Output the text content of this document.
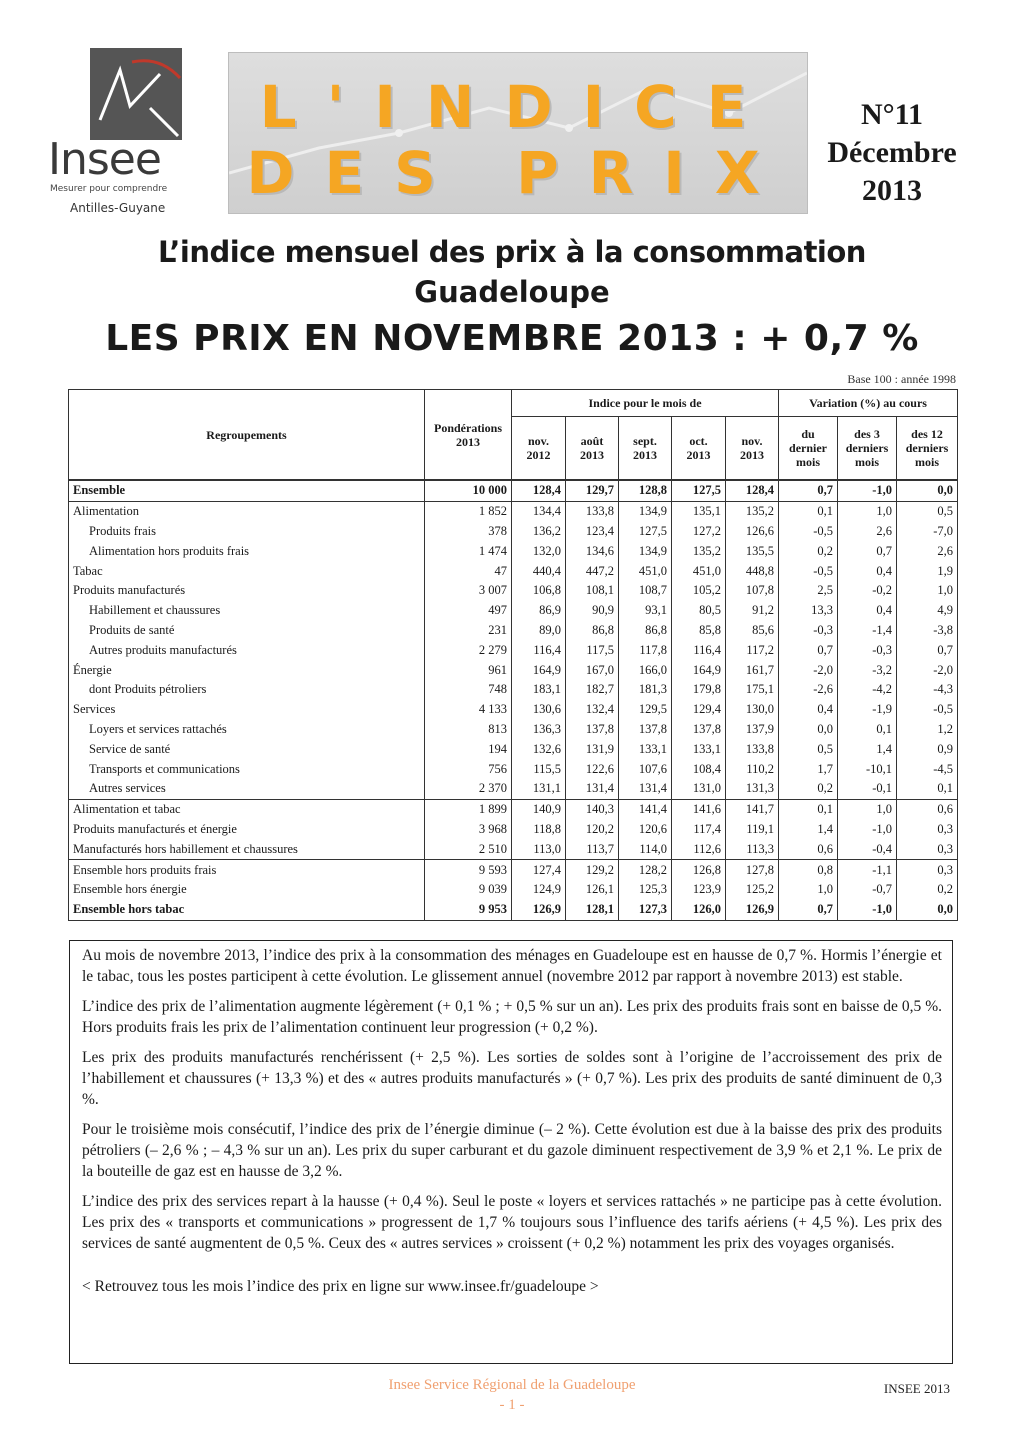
Insee
Mesurer pour comprendre
Antilles-Guyane
L'INDICE
DES PRIX
N°11
Décembre
2013
L’indice mensuel des prix à la consommation
Guadeloupe
LES PRIX EN NOVEMBRE 2013 : + 0,7 %
Base 100 : année 1998
Regroupements	Pondérations 2013	Indice pour le mois de					Variation (%) au cours		
		nov. 2012	août 2013	sept. 2013	oct. 2013	nov. 2013	du dernier mois	des 3 derniers mois	des 12 derniers mois
Ensemble	10 000	128,4	129,7	128,8	127,5	128,4	0,7	-1,0	0,0
Alimentation	1 852	134,4	133,8	134,9	135,1	135,2	0,1	1,0	0,5
Produits frais	378	136,2	123,4	127,5	127,2	126,6	-0,5	2,6	-7,0
Alimentation hors produits frais	1 474	132,0	134,6	134,9	135,2	135,5	0,2	0,7	2,6
Tabac	47	440,4	447,2	451,0	451,0	448,8	-0,5	0,4	1,9
Produits manufacturés	3 007	106,8	108,1	108,7	105,2	107,8	2,5	-0,2	1,0
Habillement et chaussures	497	86,9	90,9	93,1	80,5	91,2	13,3	0,4	4,9
Produits de santé	231	89,0	86,8	86,8	85,8	85,6	-0,3	-1,4	-3,8
Autres produits manufacturés	2 279	116,4	117,5	117,8	116,4	117,2	0,7	-0,3	0,7
Énergie	961	164,9	167,0	166,0	164,9	161,7	-2,0	-3,2	-2,0
dont Produits pétroliers	748	183,1	182,7	181,3	179,8	175,1	-2,6	-4,2	-4,3
Services	4 133	130,6	132,4	129,5	129,4	130,0	0,4	-1,9	-0,5
Loyers et services rattachés	813	136,3	137,8	137,8	137,8	137,9	0,0	0,1	1,2
Service de santé	194	132,6	131,9	133,1	133,1	133,8	0,5	1,4	0,9
Transports et communications	756	115,5	122,6	107,6	108,4	110,2	1,7	-10,1	-4,5
Autres services	2 370	131,1	131,4	131,4	131,0	131,3	0,2	-0,1	0,1
Alimentation et tabac	1 899	140,9	140,3	141,4	141,6	141,7	0,1	1,0	0,6
Produits manufacturés et énergie	3 968	118,8	120,2	120,6	117,4	119,1	1,4	-1,0	0,3
Manufacturés hors habillement et chaussures	2 510	113,0	113,7	114,0	112,6	113,3	0,6	-0,4	0,3
Ensemble hors produits frais	9 593	127,4	129,2	128,2	126,8	127,8	0,8	-1,1	0,3
Ensemble hors énergie	9 039	124,9	126,1	125,3	123,9	125,2	1,0	-0,7	0,2
Ensemble hors tabac	9 953	126,9	128,1	127,3	126,0	126,9	0,7	-1,0	0,0

Au mois de novembre 2013, l’indice des prix à la consommation des ménages en Guadeloupe est en hausse de 0,7 %. Hormis l’énergie et le tabac, tous les postes participent à cette évolution. Le glissement annuel (novembre 2012 par rapport à novembre 2013) est stable.

L’indice des prix de l’alimentation augmente légèrement (+ 0,1 % ; + 0,5 % sur un an). Les prix des produits frais sont en baisse de 0,5 %. Hors produits frais les prix de l’alimentation continuent leur progression (+ 0,2 %).

Les prix des produits manufacturés renchérissent (+ 2,5 %). Les sorties de soldes sont à l’origine de l’accroissement des prix de l’habillement et chaussures (+ 13,3 %) et des « autres produits manufacturés » (+ 0,7 %). Les prix des produits de santé diminuent de 0,3 %.

Pour le troisième mois consécutif, l’indice des prix de l’énergie diminue (– 2 %). Cette évolution est due à la baisse des prix des produits pétroliers (– 2,6 % ; – 4,3 % sur un an). Les prix du super carburant et du gazole diminuent respectivement de 3,9 % et 2,1 %. Le prix de la bouteille de gaz est en hausse de 3,2 %.

L’indice des prix des services repart à la hausse (+ 0,4 %). Seul le poste « loyers et services rattachés » ne participe pas à cette évolution. Les prix des « transports et communications » progressent de 1,7 % toujours sous l’influence des tarifs aériens (+ 4,5 %). Les prix des services de santé augmentent de 0,5 %. Ceux des « autres services » croissent (+ 0,2 %) notamment les prix des voyages organisés.

< Retrouvez tous les mois l’indice des prix en ligne sur www.insee.fr/guadeloupe >

Insee Service Régional de la Guadeloupe
- 1 -
INSEE 2013
